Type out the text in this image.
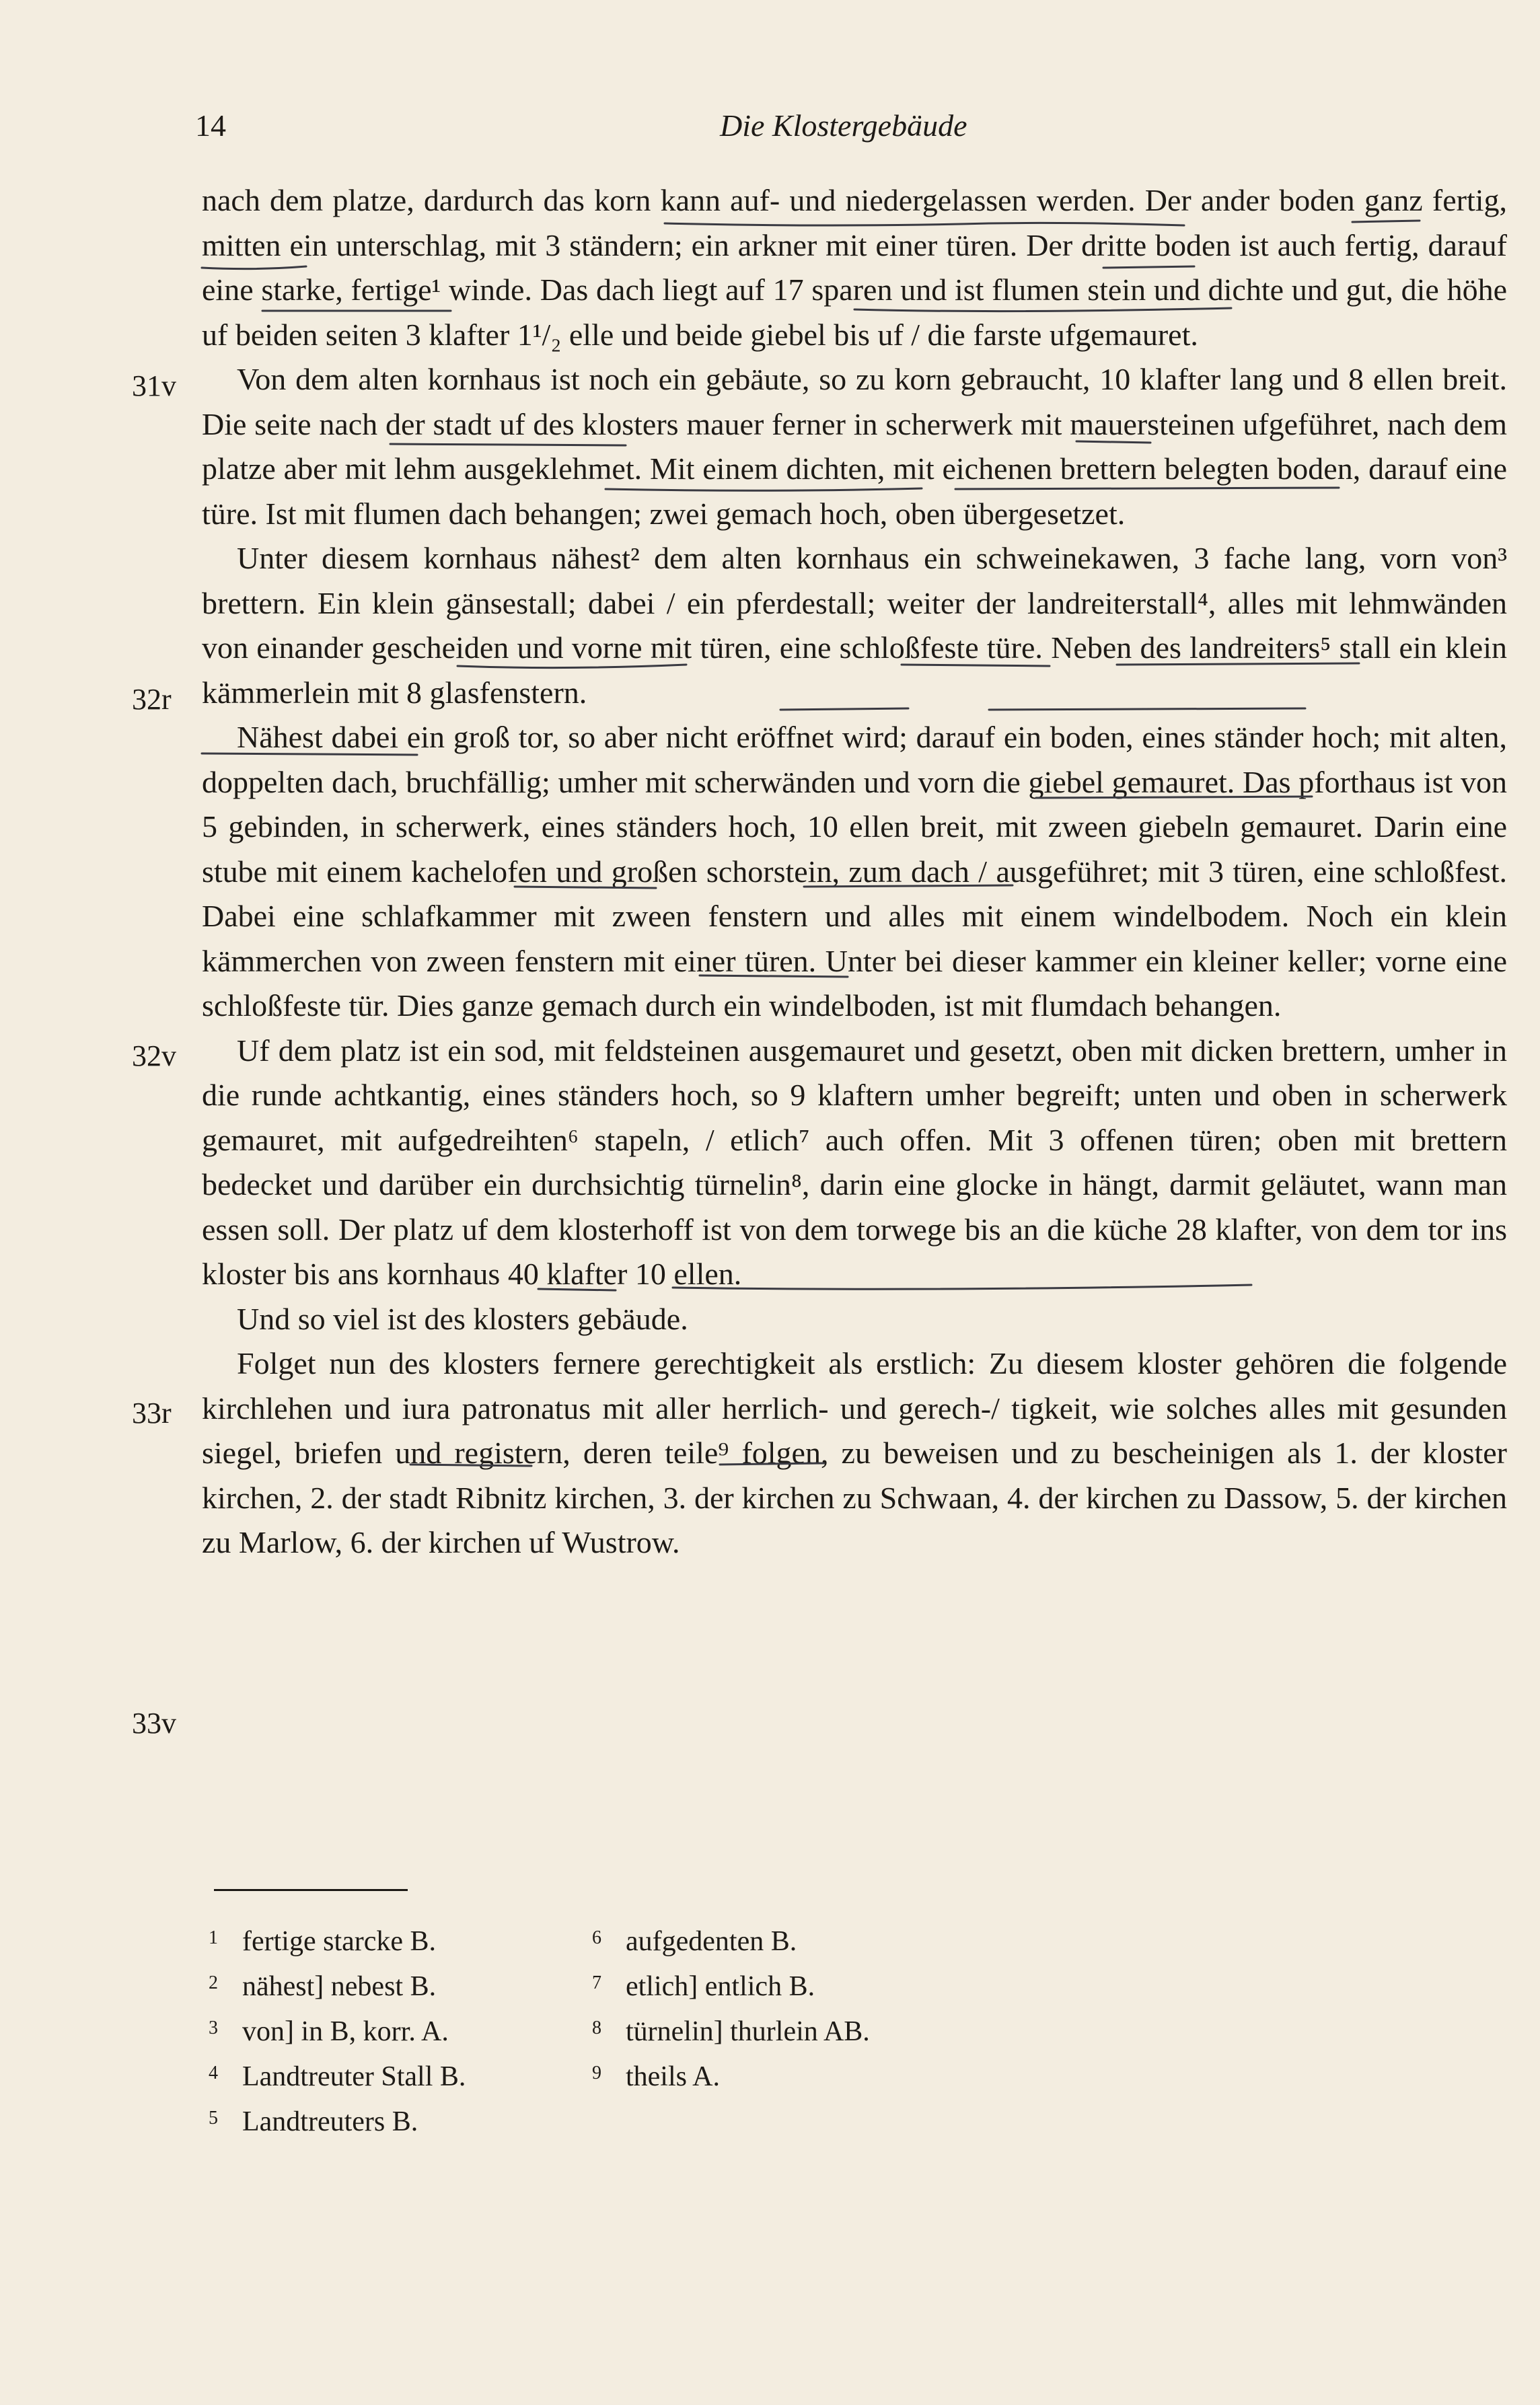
14	Die Klostergebäude

nach dem platze, dardurch das korn kann auf- und niedergelassen werden. Der ander boden ganz fertig, mitten ein unterschlag, mit 3 ständern; ein arkner mit einer türen. Der dritte boden ist auch fertig, darauf eine starke, fertige¹ winde. Das dach liegt auf 17 sparen und ist flumen stein und dichte und gut, die höhe uf beiden seiten 3 klafter 1¹/₂ elle und beide giebel bis uf / die farste ufgemauret.

Von dem alten kornhaus ist noch ein gebäute, so zu korn gebraucht, 10 klafter lang und 8 ellen breit. Die seite nach der stadt uf des klosters mauer ferner in scherwerk mit mauersteinen ufgeführet, nach dem platze aber mit lehm ausgeklehmet. Mit einem dichten, mit eichenen brettern belegten boden, darauf eine türe. Ist mit flumen dach behangen; zwei gemach hoch, oben übergesetzet.

Unter diesem kornhaus nähest² dem alten kornhaus ein schweinekawen, 3 fache lang, vorn von³ brettern. Ein klein gänsestall; dabei / ein pferdestall; weiter der landreiterstall⁴, alles mit lehmwänden von einander gescheiden und vorne mit türen, eine schloßfeste türe. Neben des landreiters⁵ stall ein klein kämmerlein mit 8 glasfenstern.

Nähest dabei ein groß tor, so aber nicht eröffnet wird; darauf ein boden, eines ständer hoch; mit alten, doppelten dach, bruchfällig; umher mit scherwänden und vorn die giebel gemauret. Das pforthaus ist von 5 gebinden, in scherwerk, eines ständers hoch, 10 ellen breit, mit zween giebeln gemauret. Darin eine stube mit einem kachelofen und großen schorstein, zum dach / ausgeführet; mit 3 türen, eine schloßfest. Dabei eine schlafkammer mit zween fenstern und alles mit einem windelbodem. Noch ein klein kämmerchen von zween fenstern mit einer türen. Unter bei dieser kammer ein kleiner keller; vorne eine schloßfeste tür. Dies ganze gemach durch ein windelboden, ist mit flumdach behangen.

Uf dem platz ist ein sod, mit feldsteinen ausgemauret und gesetzt, oben mit dicken brettern, umher in die runde achtkantig, eines ständers hoch, so 9 klaftern umher begreift; unten und oben in scherwerk gemauret, mit aufgedreihten⁶ stapeln, / etlich⁷ auch offen. Mit 3 offenen türen; oben mit brettern bedecket und darüber ein durchsichtig türnelin⁸, darin eine glocke in hängt, darmit geläutet, wann man essen soll. Der platz uf dem klosterhoff ist von dem torwege bis an die küche 28 klafter, von dem tor ins kloster bis ans kornhaus 40 klafter 10 ellen.

Und so viel ist des klosters gebäude.

Folget nun des klosters fernere gerechtigkeit als erstlich: Zu diesem kloster gehören die folgende kirchlehen und iura patronatus mit aller herrlich- und gerech-/ tigkeit, wie solches alles mit gesunden siegel, briefen und registern, deren teile⁹ folgen, zu beweisen und zu bescheinigen als 1. der kloster kirchen, 2. der stadt Ribnitz kirchen, 3. der kirchen zu Schwaan, 4. der kirchen zu Dassow, 5. der kirchen zu Marlow, 6. der kirchen uf Wustrow.

31v
32r
32v
33r
33v
1 fertige starcke B.
2 nähest] nebest B.
3 von] in B, korr. A.
4 Landtreuter Stall B.
5 Landtreuters B.
6 aufgedenten B.
7 etlich] entlich B.
8 türnelin] thurlein AB.
9 theils A.
